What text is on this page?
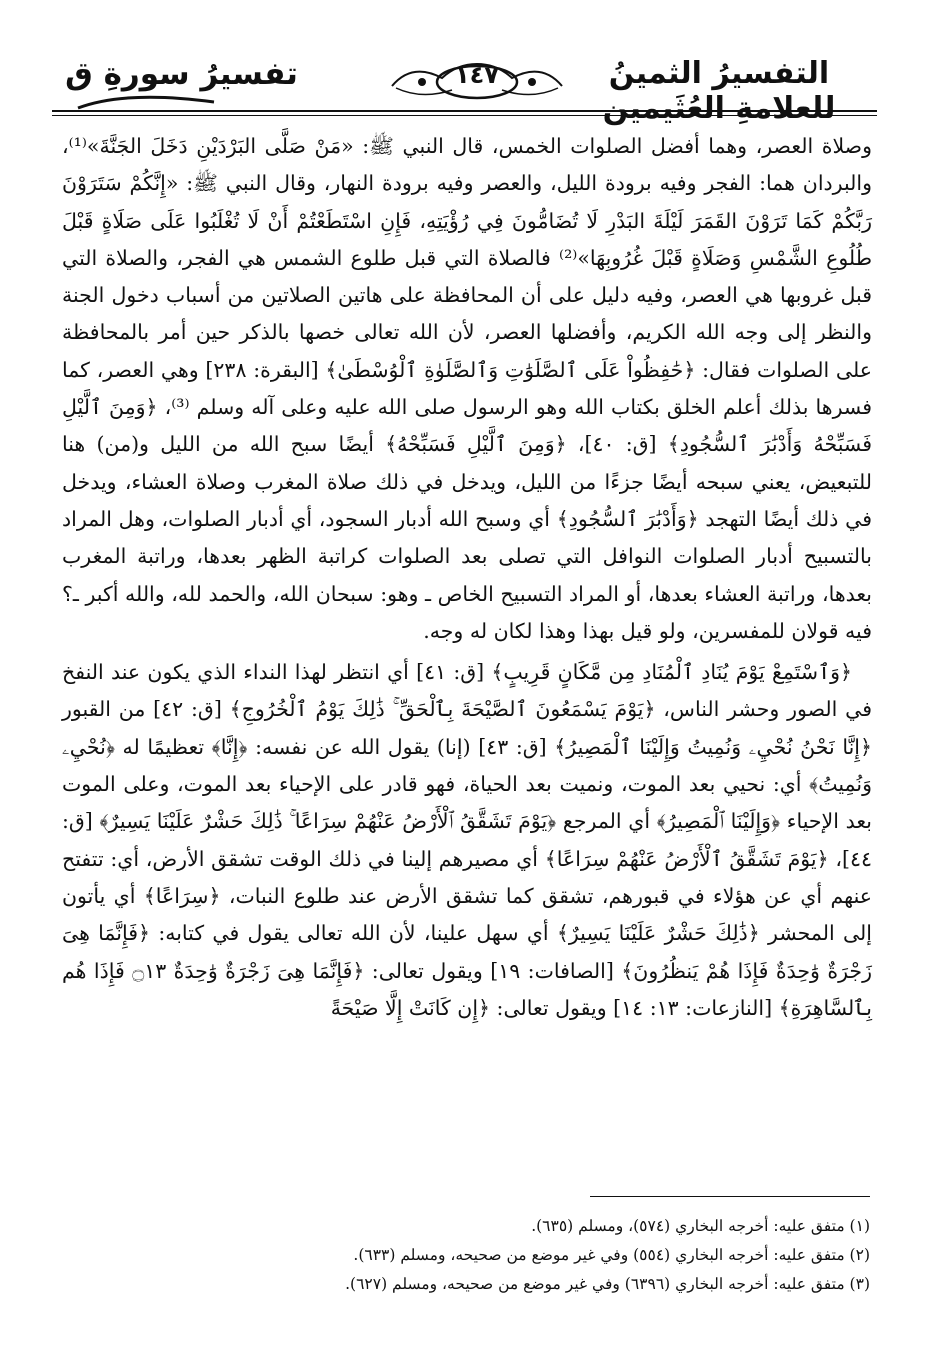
التفسيرُ الثمينُ للعلامةِ العُثَيمين
١٤٧
تفسيرُ سورةِ ق

وصلاة العصر، وهما أفضل الصلوات الخمس، قال النبي ﷺ: «مَنْ صَلَّى البَرْدَيْنِ دَخَلَ الجَنَّةَ»⁽¹⁾، والبردان هما: الفجر وفيه برودة الليل، والعصر وفيه برودة النهار، وقال النبي ﷺ: «إِنَّكُمْ سَتَرَوْنَ رَبَّكُمْ كَمَا تَرَوْنَ القَمَرَ لَيْلَةَ البَدْرِ لَا تُضَامُّونَ فِي رُؤْيَتِهِ، فَإِنِ اسْتَطَعْتُمْ أَنْ لَا تُغْلَبُوا عَلَى صَلَاةٍ قَبْلَ طُلُوعِ الشَّمْسِ وَصَلَاةٍ قَبْلَ غُرُوبِهَا»⁽²⁾ فالصلاة التي قبل طلوع الشمس هي الفجر، والصلاة التي قبل غروبها هي العصر، وفيه دليل على أن المحافظة على هاتين الصلاتين من أسباب دخول الجنة والنظر إلى وجه الله الكريم، وأفضلها العصر، لأن الله تعالى خصها بالذكر حين أمر بالمحافظة على الصلوات فقال: ﴿حَٰفِظُواْ عَلَى ٱلصَّلَوَٰتِ وَٱلصَّلَوٰةِ ٱلْوُسْطَىٰ﴾ [البقرة: ٢٣٨] وهي العصر، كما فسرها بذلك أعلم الخلق بكتاب الله وهو الرسول صلى الله عليه وعلى آله وسلم ⁽³⁾، ﴿وَمِنَ ٱلَّيْلِ فَسَبِّحْهُ وَأَدْبَٰرَ ٱلسُّجُودِ﴾ [ق: ٤٠]، ﴿وَمِنَ ٱلَّيْلِ فَسَبِّحْهُ﴾ أيضًا سبح الله من الليل و(من) هنا للتبعيض، يعني سبحه أيضًا جزءًا من الليل، ويدخل في ذلك صلاة المغرب وصلاة العشاء، ويدخل في ذلك أيضًا التهجد ﴿وَأَدْبَٰرَ ٱلسُّجُودِ﴾ أي وسبح الله أدبار السجود، أي أدبار الصلوات، وهل المراد بالتسبيح أدبار الصلوات النوافل التي تصلى بعد الصلوات كراتبة الظهر بعدها، وراتبة المغرب بعدها، وراتبة العشاء بعدها، أو المراد التسبيح الخاص ـ وهو: سبحان الله، والحمد لله، والله أكبر ـ؟ فيه قولان للمفسرين، ولو قيل بهذا وهذا لكان له وجه.

﴿وَٱسْتَمِعْ يَوْمَ يُنَادِ ٱلْمُنَادِ مِن مَّكَانٍ قَرِيبٍ﴾ [ق: ٤١] أي انتظر لهذا النداء الذي يكون عند النفخ في الصور وحشر الناس، ﴿يَوْمَ يَسْمَعُونَ ٱلصَّيْحَةَ بِٱلْحَقِّ ۚ ذَٰلِكَ يَوْمُ ٱلْخُرُوجِ﴾ [ق: ٤٢] من القبور ﴿إِنَّا نَحْنُ نُحْيِۦ وَنُمِيتُ وَإِلَيْنَا ٱلْمَصِيرُ﴾ [ق: ٤٣] (إنا) يقول الله عن نفسه: ﴿إِنَّا﴾ تعظيمًا له ﴿نُحْيِۦ وَنُمِيتُ﴾ أي: نحيي بعد الموت، ونميت بعد الحياة، فهو قادر على الإحياء بعد الموت، وعلى الموت بعد الإحياء ﴿وَإِلَيْنَا ٱلْمَصِيرُ﴾ أي المرجع ﴿يَوْمَ تَشَقَّقُ ٱلْأَرْضُ عَنْهُمْ سِرَاعًا ۚ ذَٰلِكَ حَشْرٌ عَلَيْنَا يَسِيرٌ﴾ [ق: ٤٤]، ﴿يَوْمَ تَشَقَّقُ ٱلْأَرْضُ عَنْهُمْ سِرَاعًا﴾ أي مصيرهم إلينا في ذلك الوقت تشقق الأرض، أي: تتفتح عنهم أي عن هؤلاء في قبورهم، تشقق كما تشقق الأرض عند طلوع النبات، ﴿سِرَاعًا﴾ أي يأتون إلى المحشر ﴿ذَٰلِكَ حَشْرٌ عَلَيْنَا يَسِيرٌ﴾ أي سهل علينا، لأن الله تعالى يقول في كتابه: ﴿فَإِنَّمَا هِىَ زَجْرَةٌ وَٰحِدَةٌ فَإِذَا هُمْ يَنظُرُونَ﴾ [الصافات: ١٩] ويقول تعالى: ﴿فَإِنَّمَا هِىَ زَجْرَةٌ وَٰحِدَةٌ ۝١٣ فَإِذَا هُم بِٱلسَّاهِرَةِ﴾ [النازعات: ١٣: ١٤] ويقول تعالى: ﴿إِن كَانَتْ إِلَّا صَيْحَةً

(١) متفق عليه: أخرجه البخاري (٥٧٤)، ومسلم (٦٣٥).
(٢) متفق عليه: أخرجه البخاري (٥٥٤) وفي غير موضع من صحيحه، ومسلم (٦٣٣).
(٣) متفق عليه: أخرجه البخاري (٦٣٩٦) وفي غير موضع من صحيحه، ومسلم (٦٢٧).
